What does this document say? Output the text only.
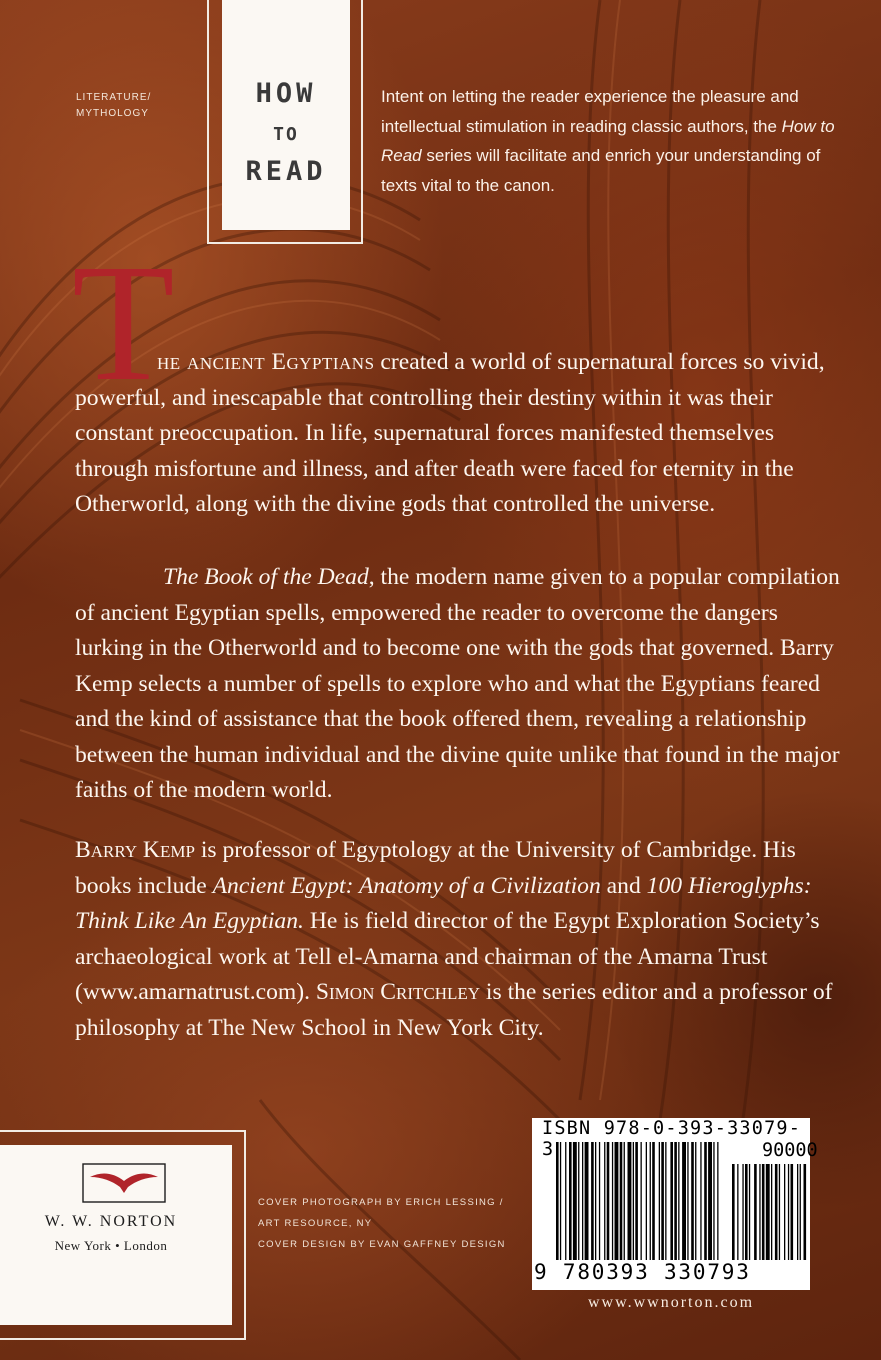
LITERATURE/ MYTHOLOGY
HOW
TO
READ

Intent on letting the reader experience the pleasure and intellectual stimulation in reading classic authors, the How to Read series will facilitate and enrich your understanding of texts vital to the canon.

T

he ancient Egyptians created a world of supernatural forces so vivid, powerful, and inescapable that controlling their destiny within it was their constant preoccupation. In life, supernatural forces manifested themselves through misfortune and illness, and after death were faced for eternity in the Otherworld, along with the divine gods that controlled the universe.

The Book of the Dead, the modern name given to a popular compilation of ancient Egyptian spells, empowered the reader to overcome the dangers lurking in the Otherworld and to become one with the gods that governed. Barry Kemp selects a number of spells to explore who and what the Egyptians feared and the kind of assistance that the book offered them, revealing a relationship between the human individual and the divine quite unlike that found in the major faiths of the modern world.

Barry Kemp is professor of Egyptology at the University of Cambridge. His books include Ancient Egypt: Anatomy of a Civilization and 100 Hieroglyphs: Think Like An Egyptian. He is field director of the Egypt Exploration Society’s archaeological work at Tell el-Amarna and chairman of the Amarna Trust (www.amarnatrust.com). Simon Critchley is the series editor and a professor of philosophy at The New School in New York City.

W. W. NORTON
New York • London
COVER PHOTOGRAPH BY ERICH LESSING /
ART RESOURCE, NY
COVER DESIGN BY EVAN GAFFNEY DESIGN
ISBN 978-0-393-33079-3	90000
9 780393 330793
www.wwnorton.com
